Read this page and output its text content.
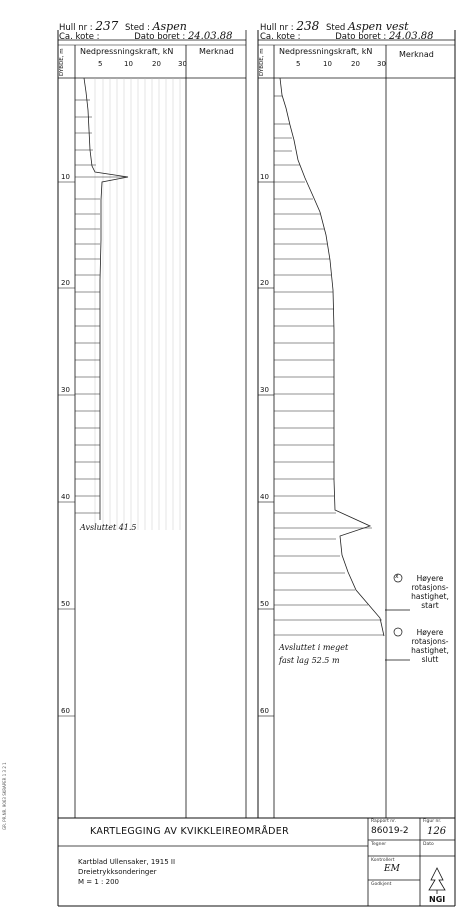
GR. PR.NR. 9063 SKRAPER 1 3 2 1
Hull nr : 237 Sted : Aspen
Ca. kote :	Dato boret : 24.03.88
DYBDE, m	Nedpressningskraft, kN
5	10	20 30
Merknad
10
20
30
40
50
60
Avsluttet 41.5
Hull nr : 238 Sted Aspen vest
Ca. kote :	Dato boret : 24.03.88
DYBDE, m	Nedpressningskraft, kN
5	10	20 30
Merknad
10
20
30
40
50
60
Avsluttet i meget
fast lag 52.5 m
x	Høyere rotasjons-hastighet, start
Høyere rotasjons-hastighet, slutt
KARTLEGGING AV KVIKKLEIREOMRÅDER
Kartblad Ullensaker, 1915 II
Dreietrykksonderinger
M = 1 : 200
Rapport nr.
86019-2
Figur nr.
126
Tegner	Dato
Kontrollert
EM
Godkjent
NGI
